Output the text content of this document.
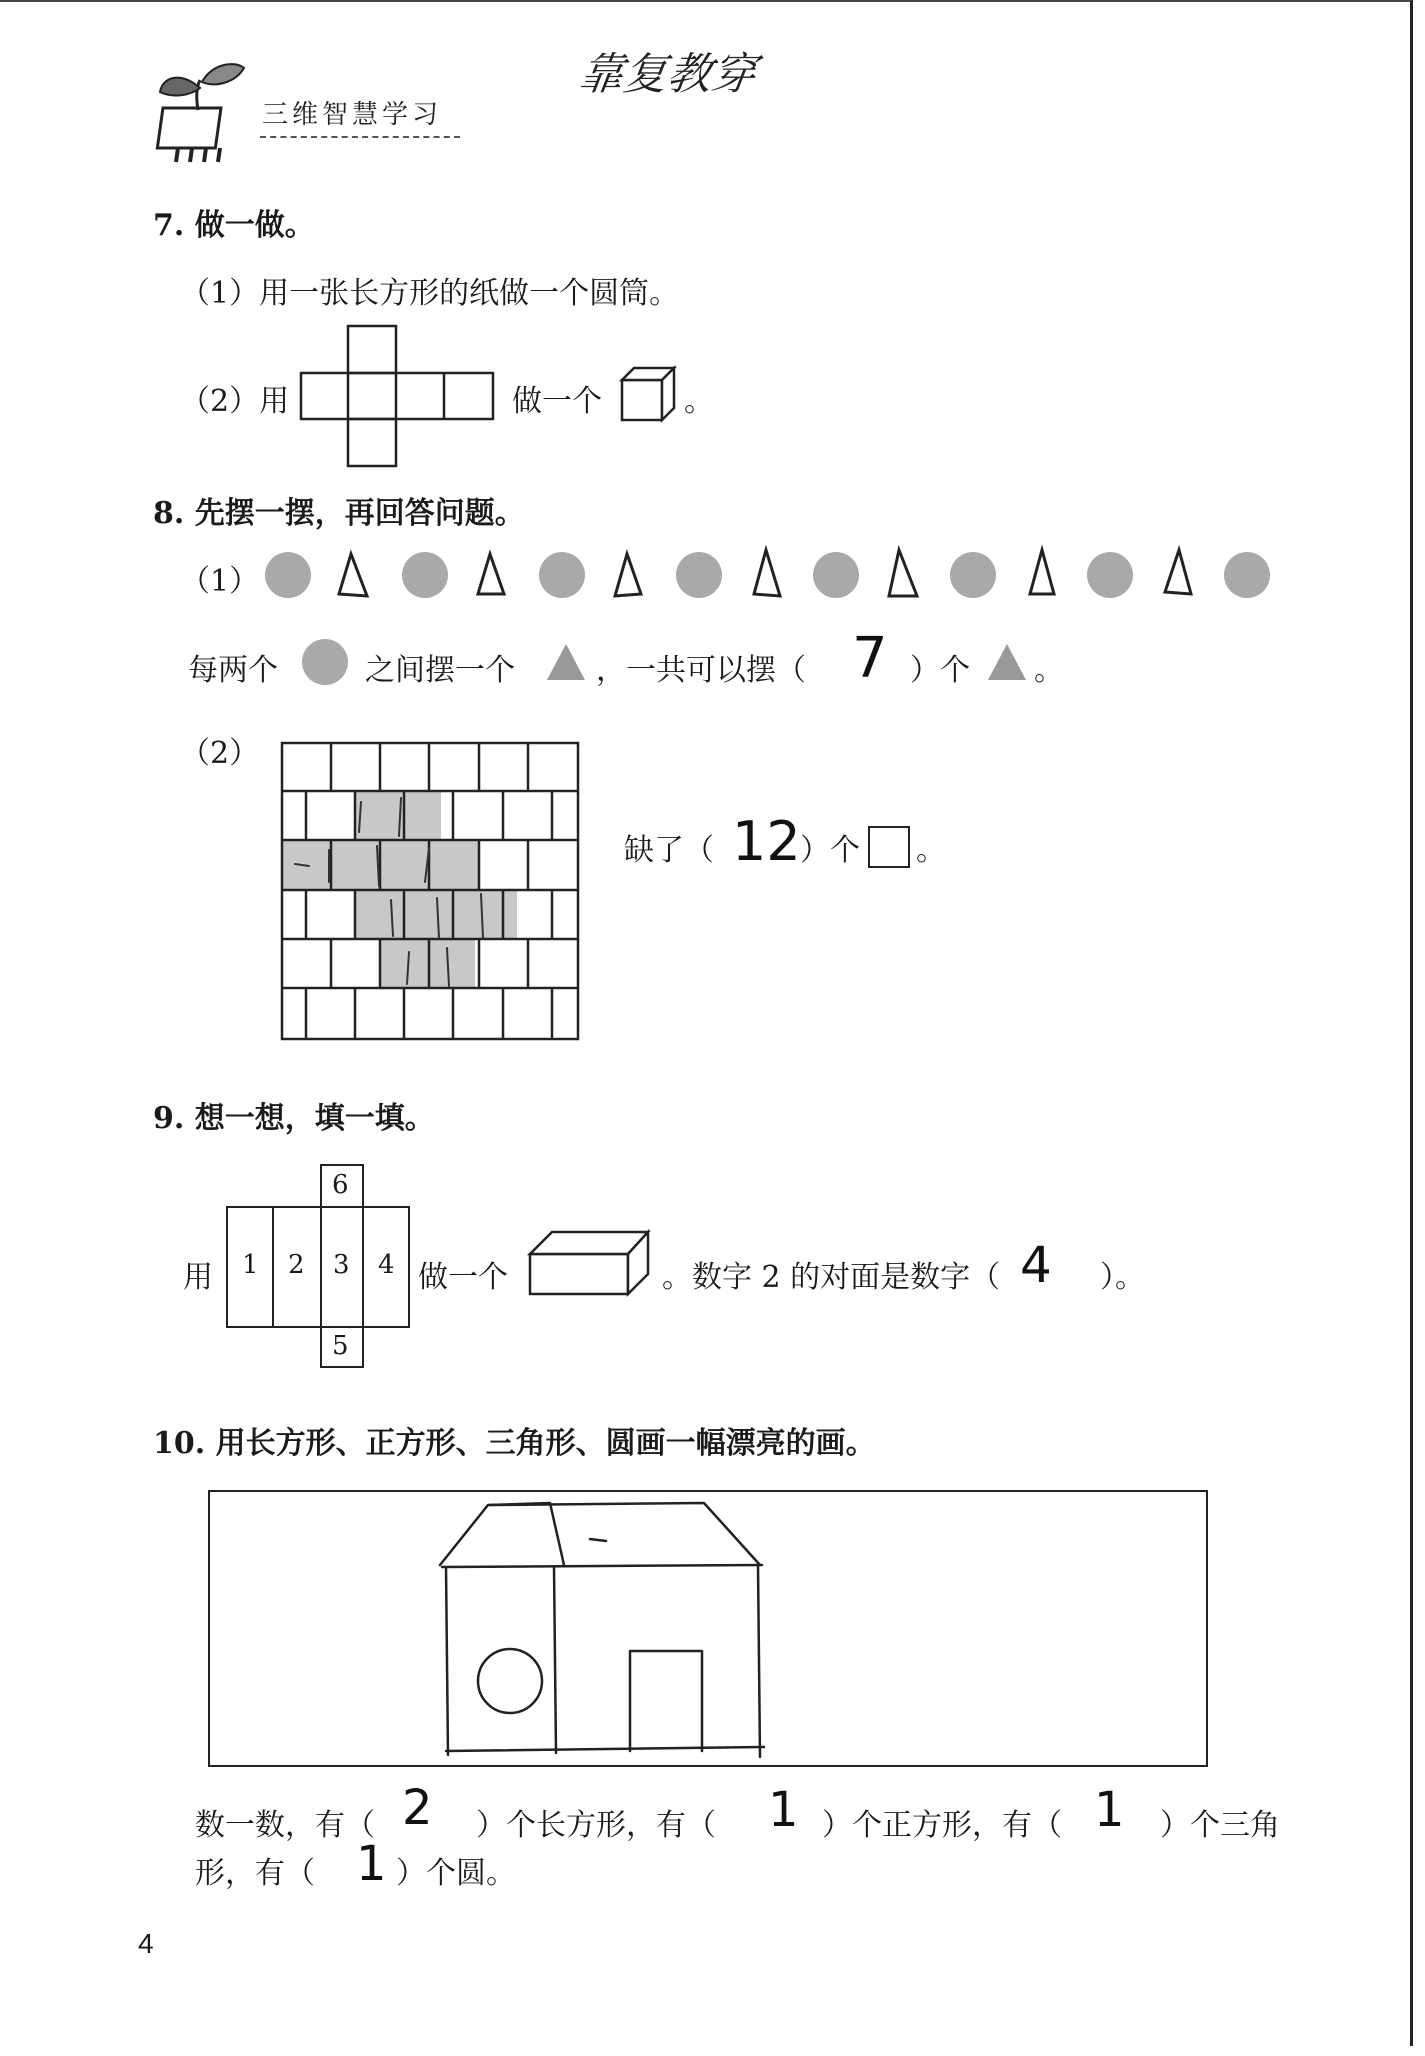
三维智慧学习
靠复教穿
7. 做一做。
（1）用一张长方形的纸做一个圆筒。
（2）用	做一个	。
8. 先摆一摆，再回答问题。
（1）
每两个	之间摆一个	，一共可以摆（ 7 ）个 。
（2）
缺了（ 12 ）个 。
9. 想一想，填一填。
用
6
1 2 3 4
5
做一个	。数字 2 的对面是数字（ 4 ）。
10. 用长方形、正方形、三角形、圆画一幅漂亮的画。
数一数，有（ 2 ）个长方形，有（ 1 ）个正方形，有（ 1 ）个三角
形，有（ 1 ）个圆。
4
